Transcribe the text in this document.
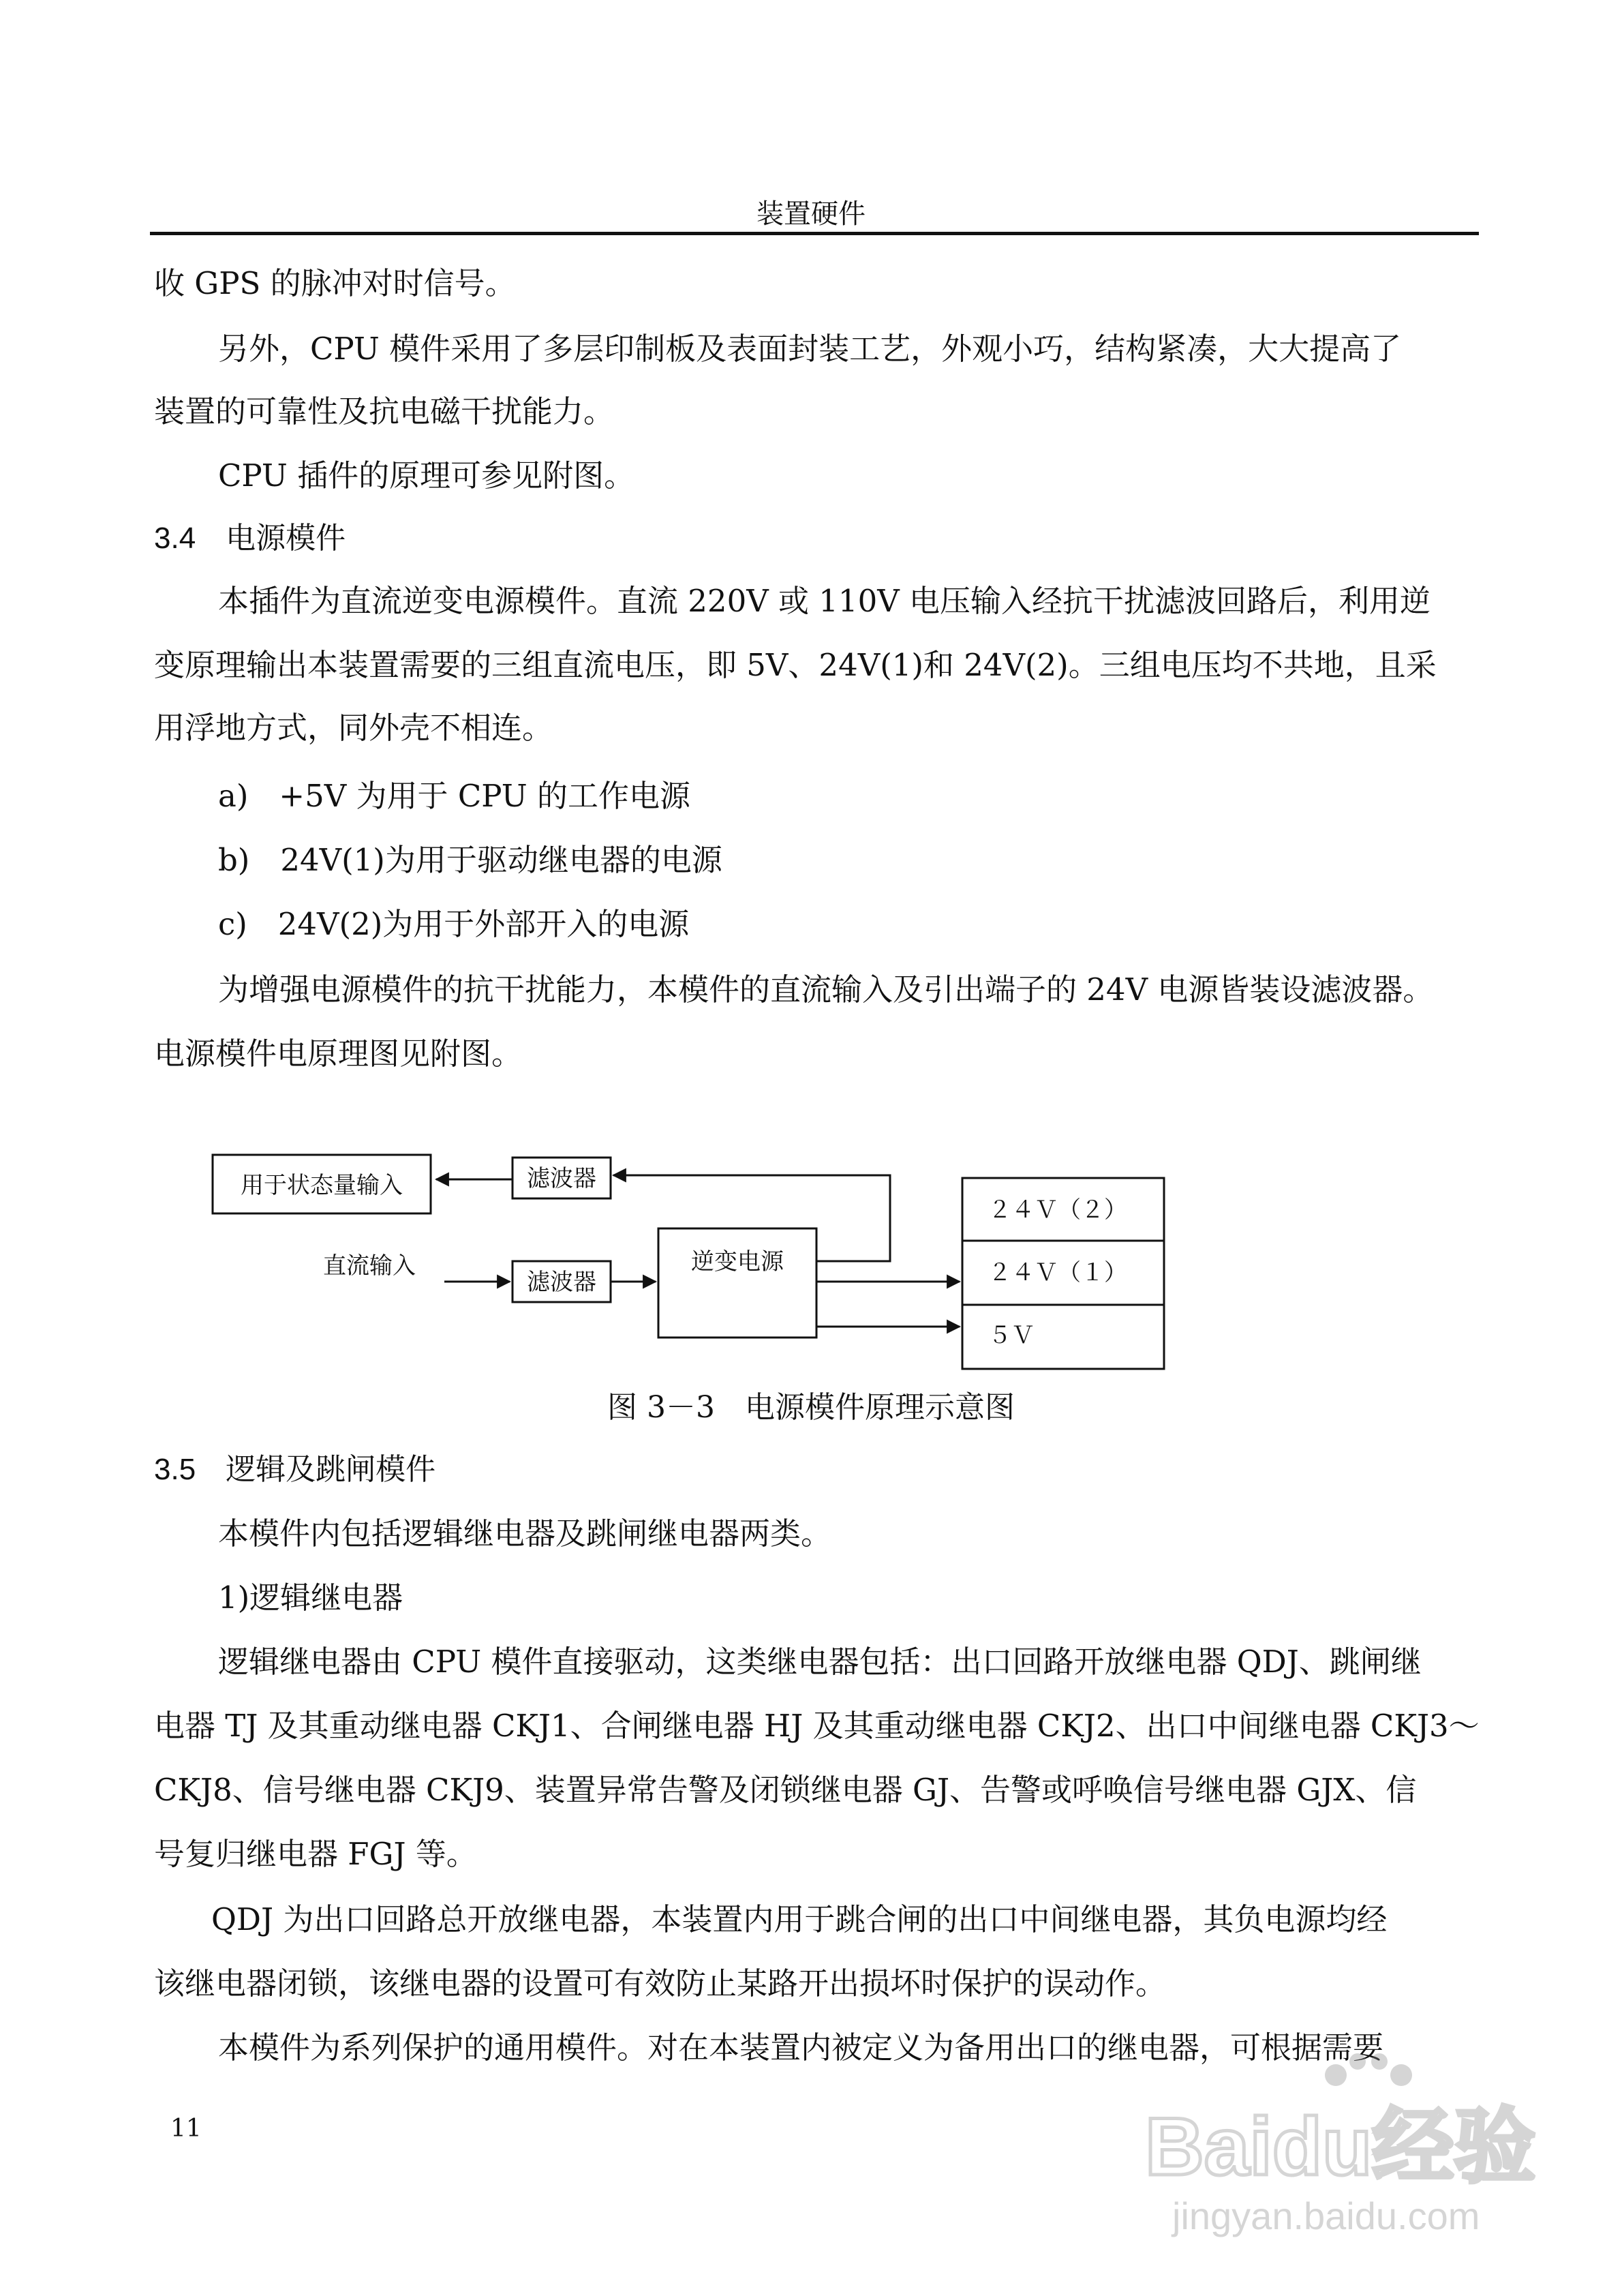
装置硬件
收 GPS 的脉冲对时信号。
另外，CPU 模件采用了多层印制板及表面封装工艺，外观小巧，结构紧凑，大大提高了
装置的可靠性及抗电磁干扰能力。
CPU 插件的原理可参见附图。
3.4　电源模件
本插件为直流逆变电源模件。直流 220V 或 110V 电压输入经抗干扰滤波回路后，利用逆
变原理输出本装置需要的三组直流电压，即 5V、24V(1)和 24V(2)。三组电压均不共地，且采
用浮地方式，同外壳不相连。
a)　+5V 为用于 CPU 的工作电源
b)　24V(1)为用于驱动继电器的电源
c)　24V(2)为用于外部开入的电源
为增强电源模件的抗干扰能力，本模件的直流输入及引出端子的 24V 电源皆装设滤波器。
电源模件电原理图见附图。
用于状态量输入	滤波器
直流输入
滤波器
逆变电源
２４Ｖ（２）
２４Ｖ（１）
５Ｖ
图 3－3　电源模件原理示意图
3.5　逻辑及跳闸模件
本模件内包括逻辑继电器及跳闸继电器两类。
1)逻辑继电器
逻辑继电器由 CPU 模件直接驱动，这类继电器包括：出口回路开放继电器 QDJ、跳闸继
电器 TJ 及其重动继电器 CKJ1、合闸继电器 HJ 及其重动继电器 CKJ2、出口中间继电器 CKJ3～
CKJ8、信号继电器 CKJ9、装置异常告警及闭锁继电器 GJ、告警或呼唤信号继电器 GJX、信
号复归继电器 FGJ 等。
QDJ 为出口回路总开放继电器，本装置内用于跳合闸的出口中间继电器，其负电源均经
该继电器闭锁，该继电器的设置可有效防止某路开出损坏时保护的误动作。
本模件为系列保护的通用模件。对在本装置内被定义为备用出口的继电器，可根据需要
11	Baidu经验
jingyan.baidu.com
